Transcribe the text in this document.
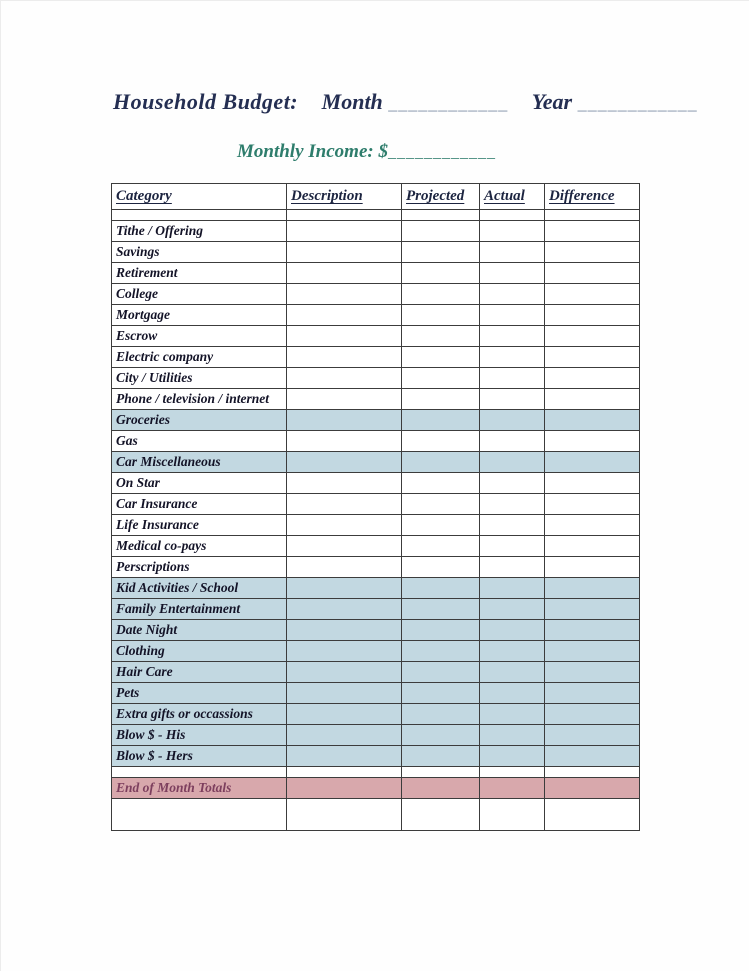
Household Budget: Month ____________ Year ____________
Monthly Income: $____________
Category	Description	Projected	Actual	Difference

Tithe / Offering				
Savings				
Retirement				
College				
Mortgage				
Escrow				
Electric company				
City / Utilities				
Phone / television / internet				
Groceries				
Gas				
Car Miscellaneous				
On Star				
Car Insurance				
Life Insurance				
Medical co-pays				
Perscriptions				
Kid Activities / School				
Family Entertainment				
Date Night				
Clothing				
Hair Care				
Pets				
Extra gifts or occassions				
Blow $ - His				
Blow $ - Hers				

End of Month Totals				
